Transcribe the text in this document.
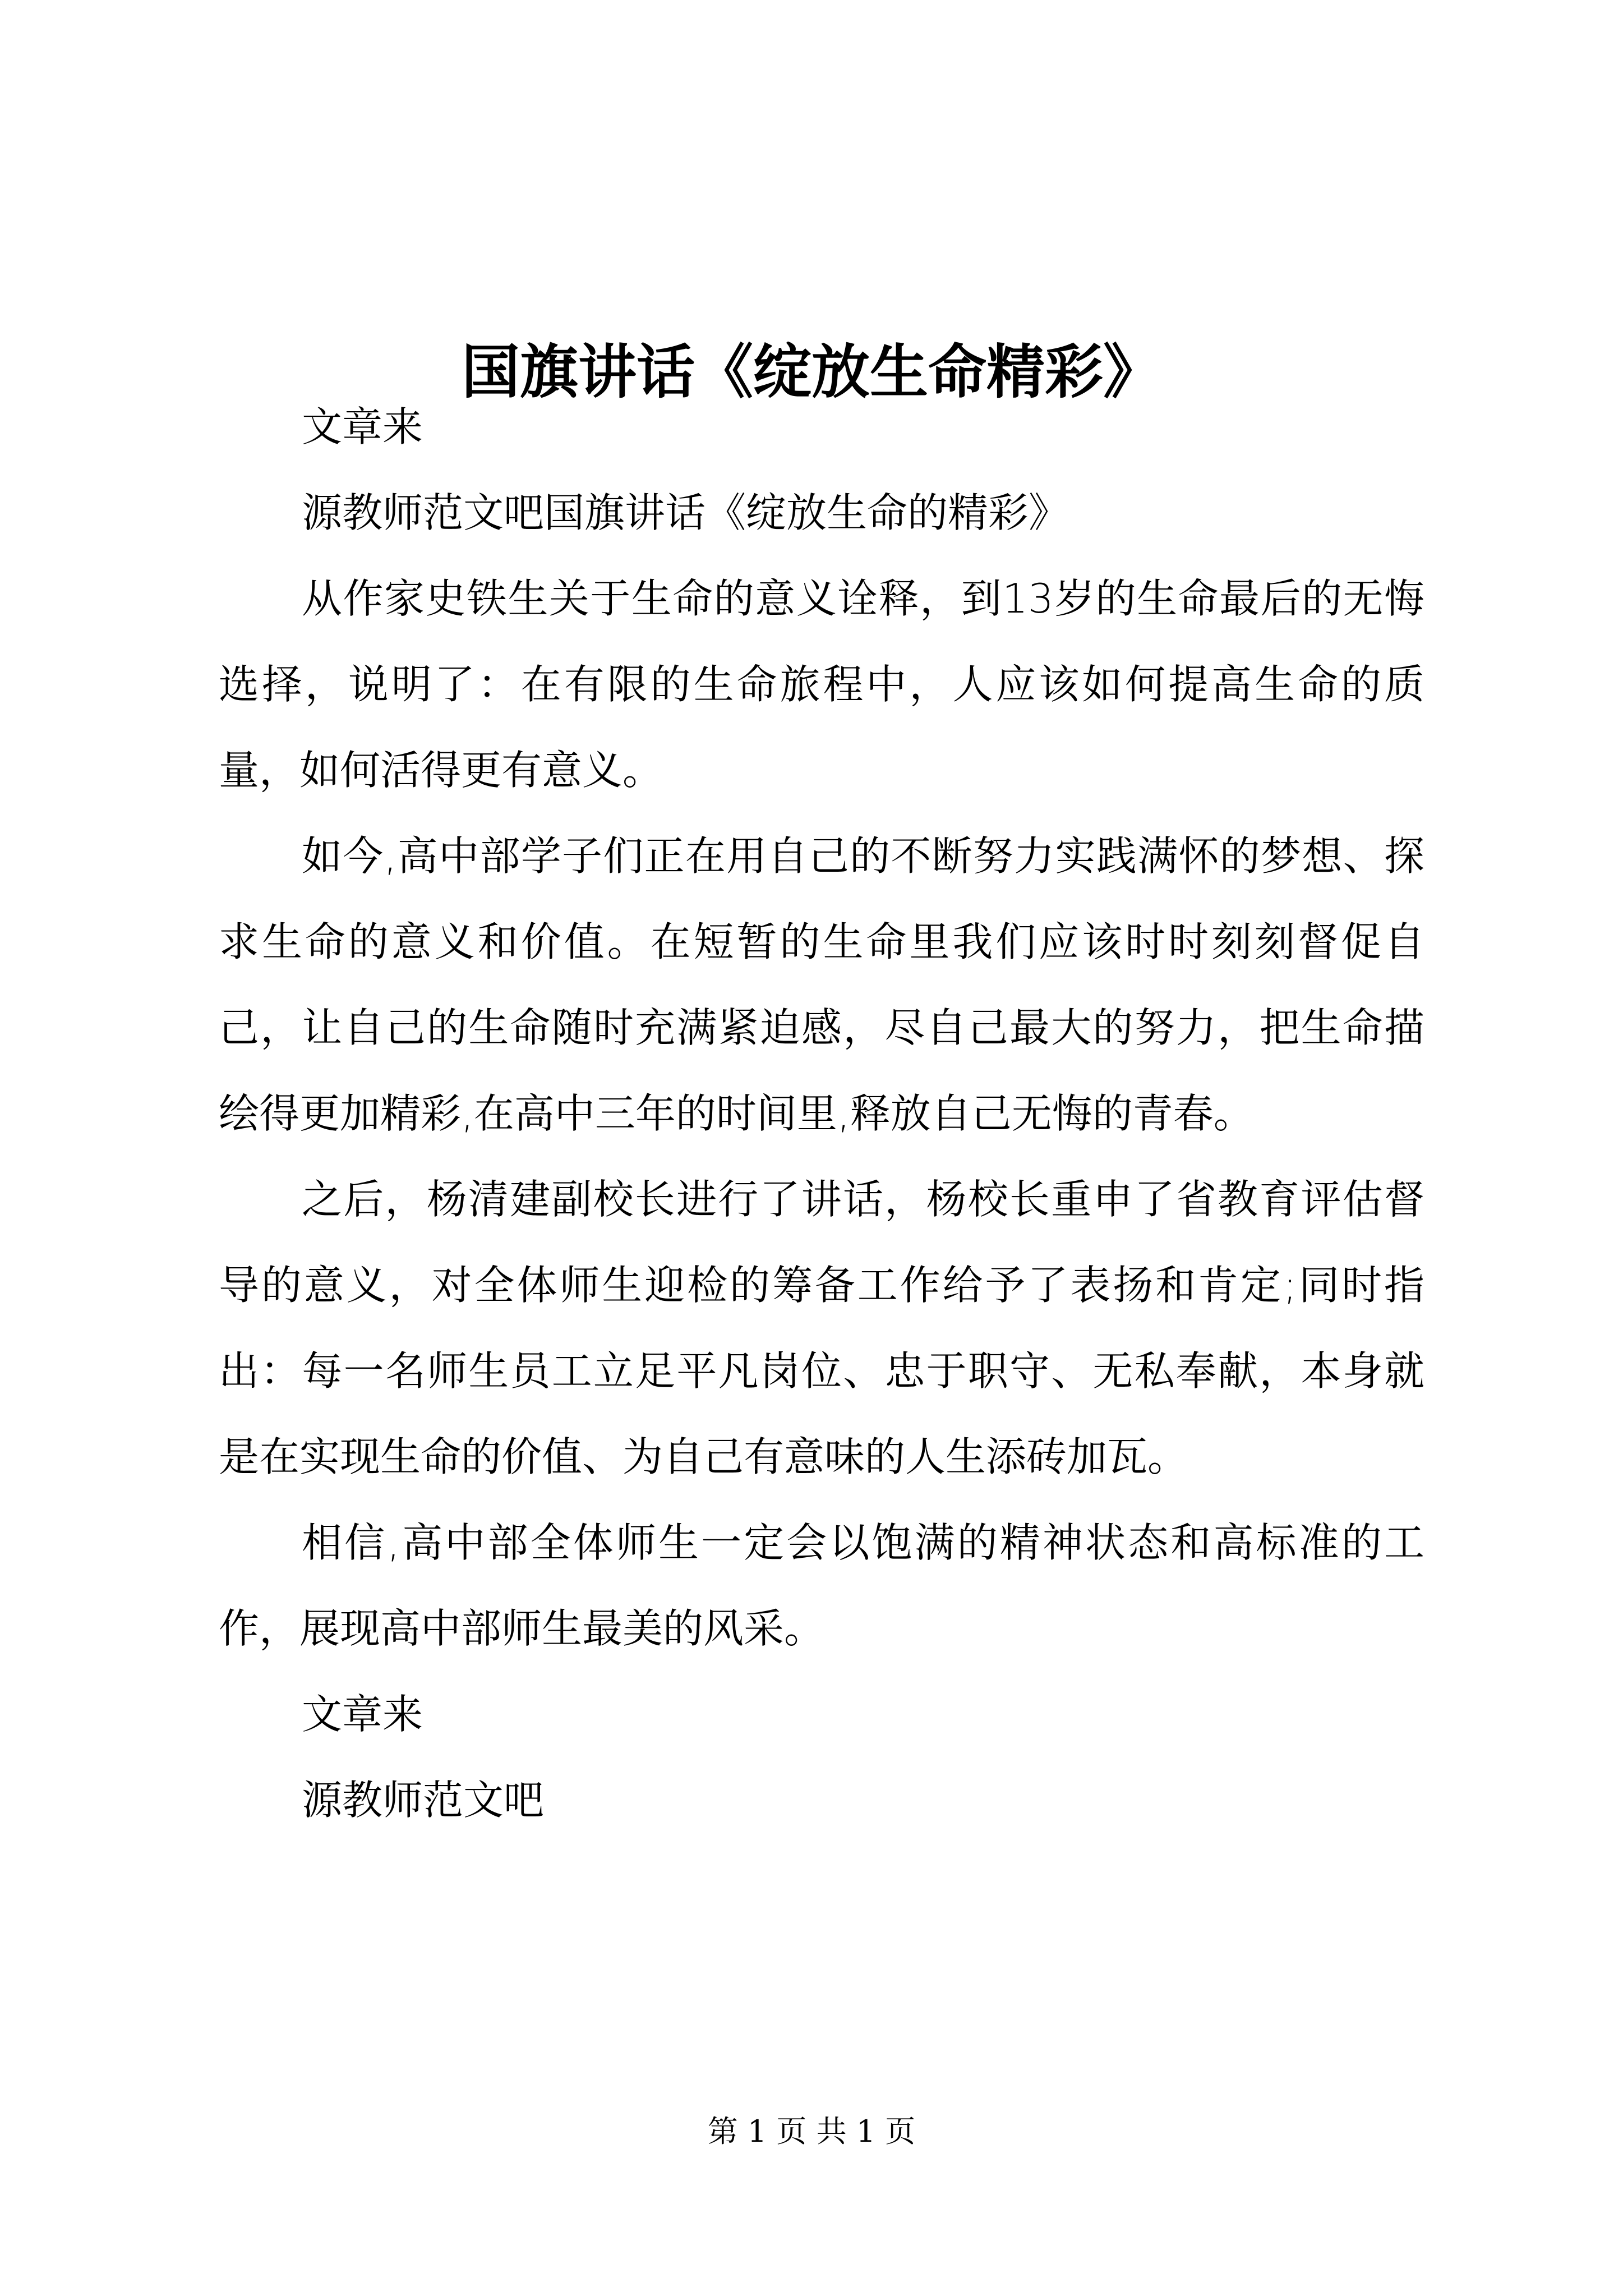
国旗讲话《绽放生命精彩》

文章来

源教师范文吧国旗讲话《绽放生命的精彩》

从作家史铁生关于生命的意义诠释，到13岁的生命最后的无悔选择，说明了：在有限的生命旅程中，人应该如何提高生命的质量，如何活得更有意义。

如今,高中部学子们正在用自己的不断努力实践满怀的梦想、探求生命的意义和价值。在短暂的生命里我们应该时时刻刻督促自己，让自己的生命随时充满紧迫感，尽自己最大的努力，把生命描绘得更加精彩,在高中三年的时间里,释放自己无悔的青春。

之后，杨清建副校长进行了讲话，杨校长重申了省教育评估督导的意义，对全体师生迎检的筹备工作给予了表扬和肯定;同时指出：每一名师生员工立足平凡岗位、忠于职守、无私奉献，本身就是在实现生命的价值、为自己有意味的人生添砖加瓦。

相信,高中部全体师生一定会以饱满的精神状态和高标准的工作，展现高中部师生最美的风采。

文章来

源教师范文吧

第 1 页 共 1 页
